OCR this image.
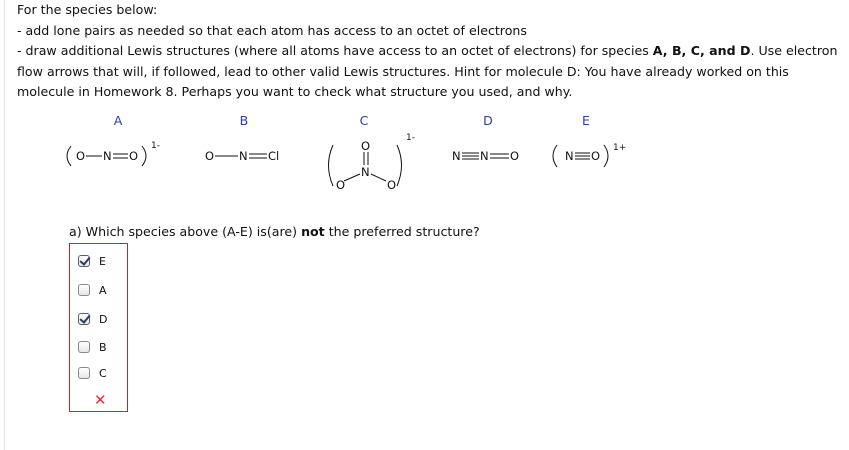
For the species below:

- add lone pairs as needed so that each atom has access to an octet of electrons

- draw additional Lewis structures (where all atoms have access to an octet of electrons) for species A, B, C, and D. Use electron flow arrows that will, if followed, lead to other valid Lewis structures. Hint for molecule D: You have already worked on this molecule in Homework 8. Perhaps you want to check what structure you used, and why.

A	B	C	D	E
O N O
1-
O N Cl
O
N
O	O
1-
N N O	N O
1+
a) Which species above (A-E) is(are) not the preferred structure?
E
A
D
B
C
✕
